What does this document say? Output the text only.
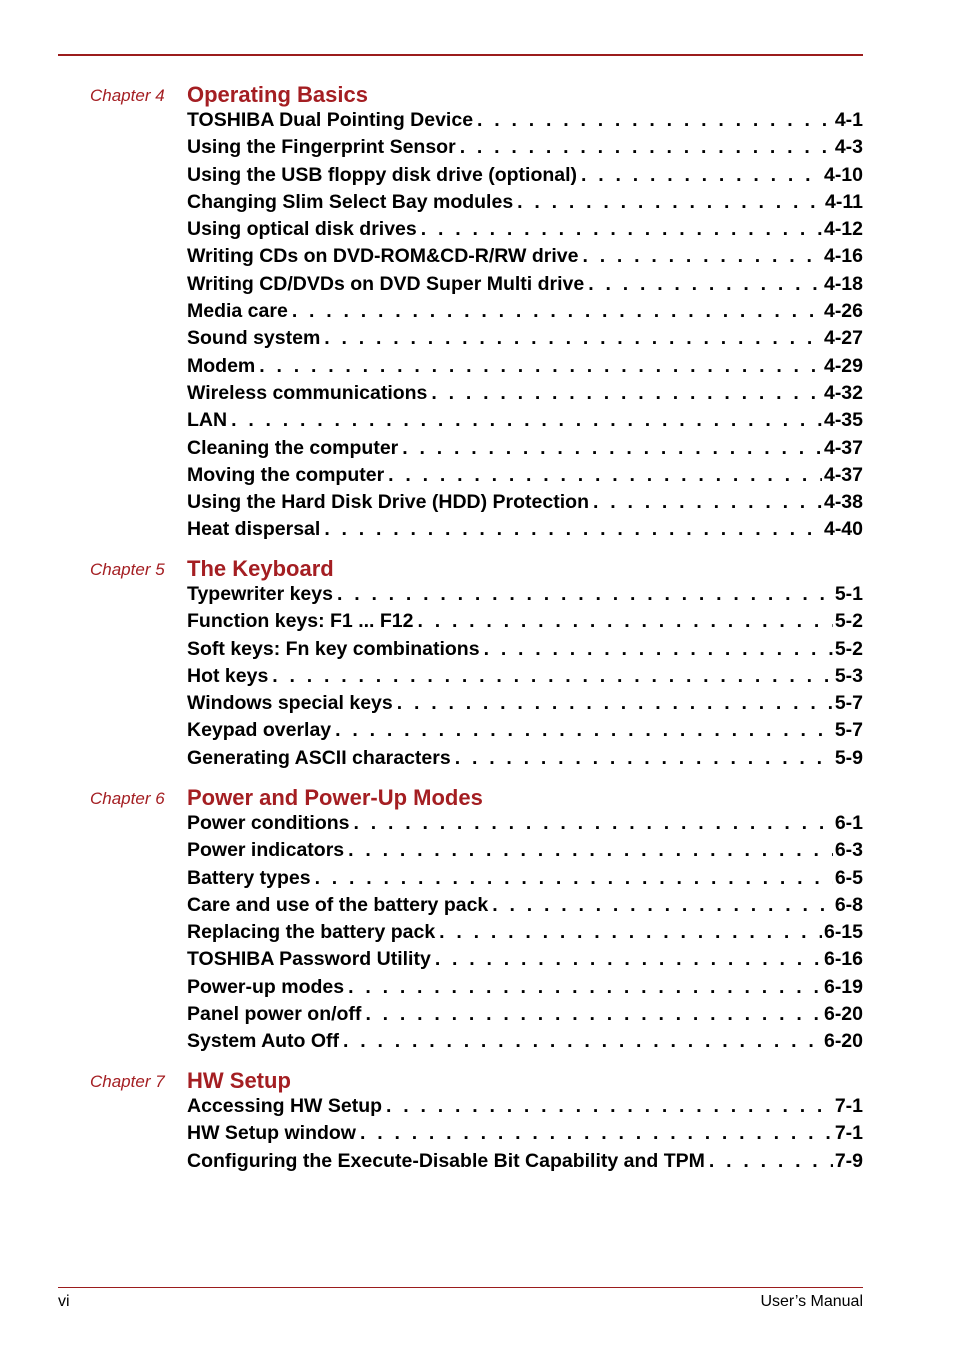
Chapter 4	Operating Basics
TOSHIBA Dual Pointing Device . . .	4-1
Using the Fingerprint Sensor . . .	4-3
Using the USB floppy disk drive (optional) . . .	4-10
Changing Slim Select Bay modules . . .	4-11
Using optical disk drives . . .	4-12
Writing CDs on DVD-ROM&CD-R/RW drive . . .	4-16
Writing CD/DVDs on DVD Super Multi drive . . .	4-18
Media care . . .	4-26
Sound system . . .	4-27
Modem . . .	4-29
Wireless communications . . .	4-32
LAN . . .	4-35
Cleaning the computer . . .	4-37
Moving the computer . . .	4-37
Using the Hard Disk Drive (HDD) Protection . . .	4-38
Heat dispersal . . .	4-40
Chapter 5	The Keyboard
Typewriter keys . . .	5-1
Function keys: F1 ... F12 . . .	5-2
Soft keys: Fn key combinations . . .	5-2
Hot keys . . .	5-3
Windows special keys . . .	5-7
Keypad overlay . . .	5-7
Generating ASCII characters . . .	5-9
Chapter 6	Power and Power-Up Modes
Power conditions . . .	6-1
Power indicators . . .	6-3
Battery types . . .	6-5
Care and use of the battery pack . . .	6-8
Replacing the battery pack . . .	6-15
TOSHIBA Password Utility . . .	6-16
Power-up modes . . .	6-19
Panel power on/off . . .	6-20
System Auto Off . . .	6-20
Chapter 7	HW Setup
Accessing HW Setup . . .	7-1
HW Setup window . . .	7-1
Configuring the Execute-Disable Bit Capability and TPM . . .	7-9
vi	User’s Manual
